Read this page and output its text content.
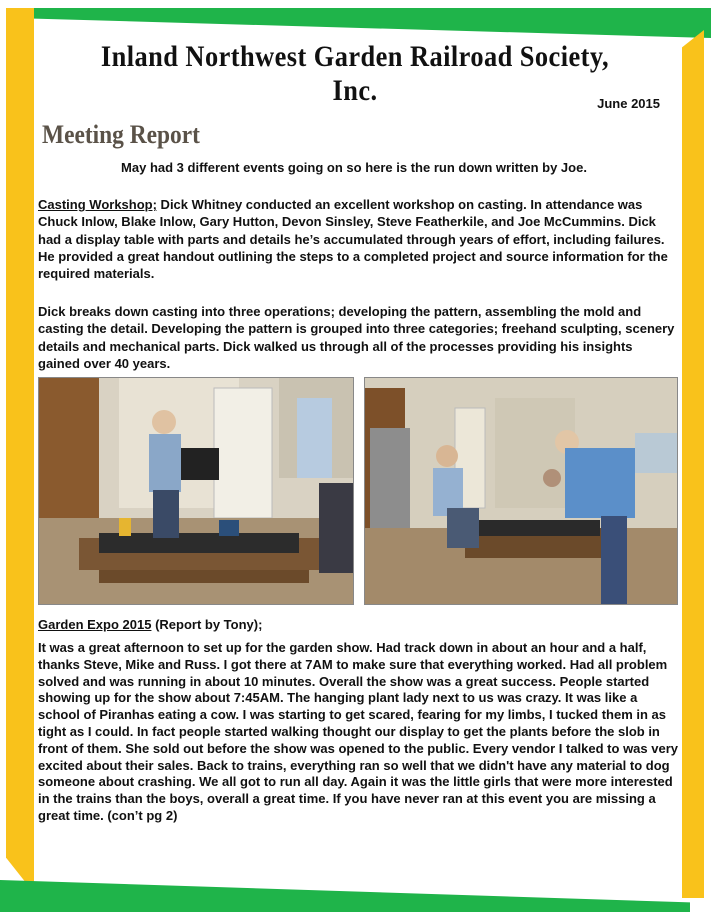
Inland Northwest Garden Railroad Society, Inc.	June 2015
Meeting Report
May had 3 different events going on so here is the run down written by Joe.
Casting Workshop; Dick Whitney conducted an excellent workshop on casting. In attendance was Chuck Inlow, Blake Inlow, Gary Hutton, Devon Sinsley, Steve Featherkile, and Joe McCummins. Dick had a display table with parts and details he’s accumulated through years of effort, including failures. He provided a great handout outlining the steps to a completed project and source information for the required materials.
Dick breaks down casting into three operations; developing the pattern, assembling the mold and casting the detail. Developing the pattern is grouped into three categories; freehand sculpting, scenery details and mechanical parts. Dick walked us through all of the processes providing his insights gained over 40 years.
Garden Expo 2015 (Report by Tony);
It was a great afternoon to set up for the garden show. Had track down in about an hour and a half, thanks Steve, Mike and Russ. I got there at 7AM to make sure that everything worked. Had all problem solved and was running in about 10 minutes. Overall the show was a great success. People started showing up for the show about 7:45AM. The hanging plant lady next to us was crazy. It was like a school of Piranhas eating a cow. I was starting to get scared, fearing for my limbs, I tucked them in as tight as I could. In fact people started walking thought our display to get the plants before the slob in front of them. She sold out before the show was opened to the public. Every vendor I talked to was very excited about their sales. Back to trains, everything ran so well that we didn't have any material to dog someone about crashing. We all got to run all day. Again it was the little girls that were more interested in the trains than the boys, overall a great time. If you have never ran at this event you are missing a great time. (con’t pg 2)
